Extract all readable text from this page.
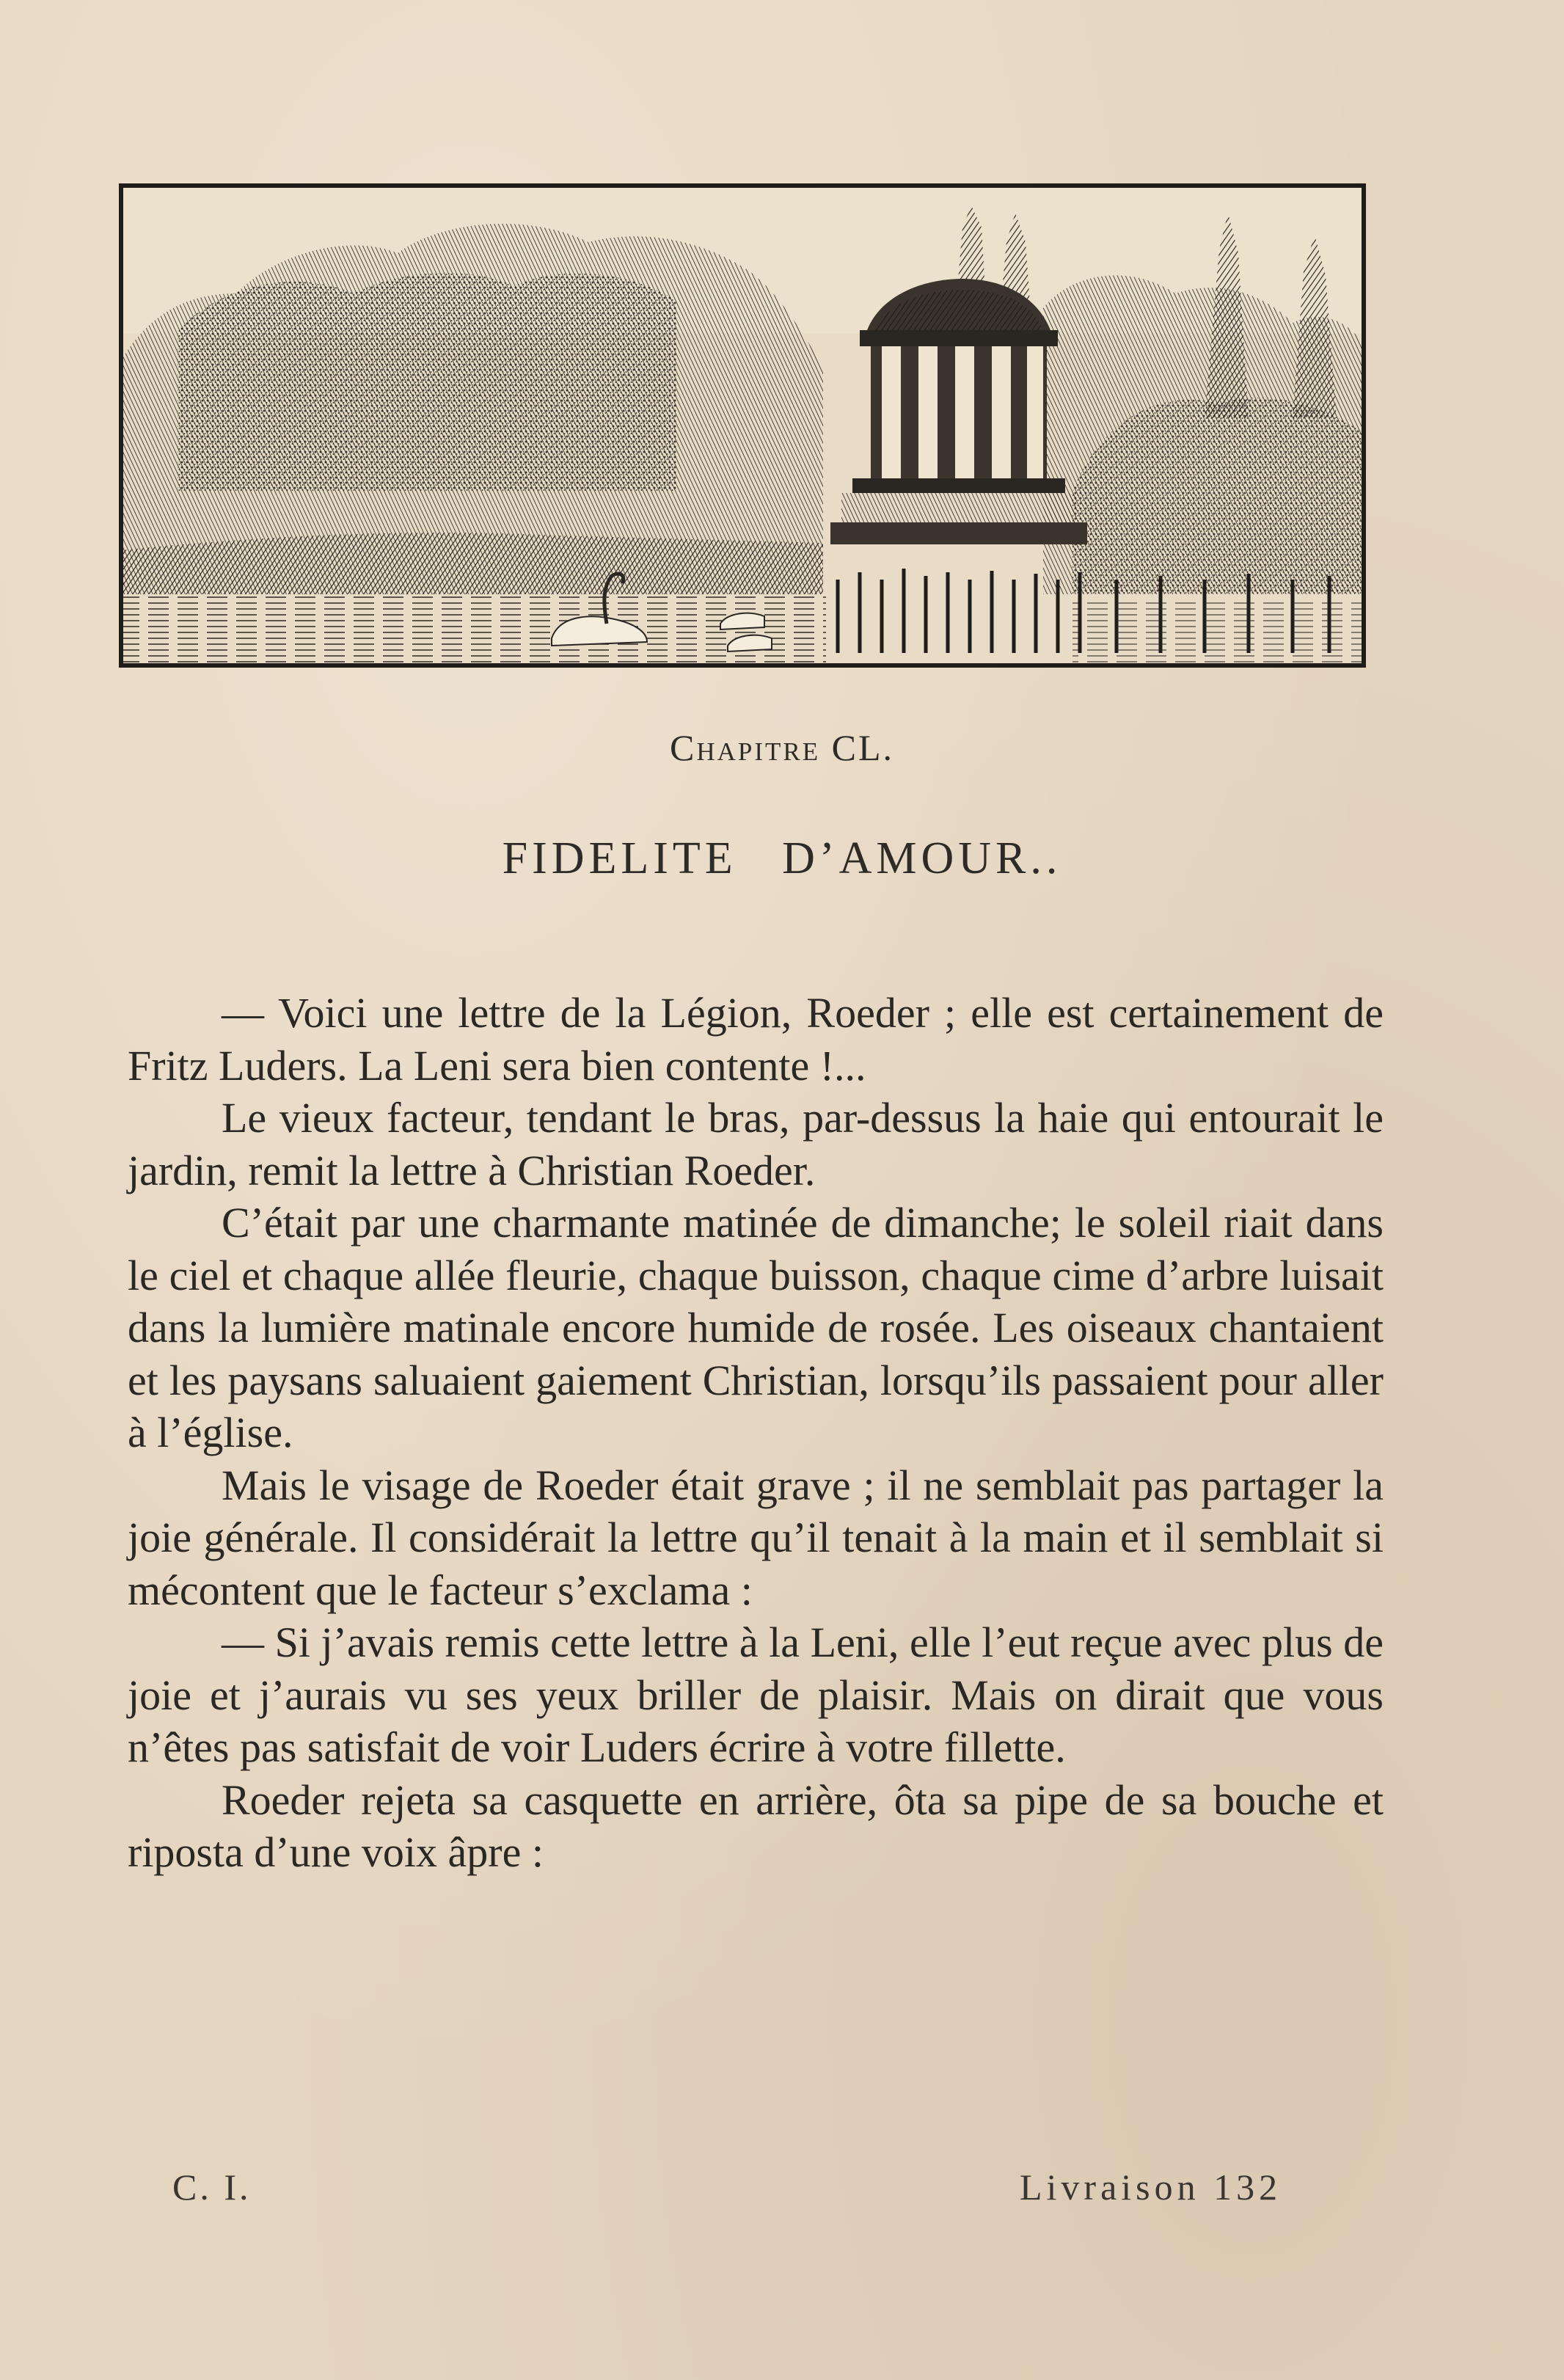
Chapitre CL.
FIDELITE D’AMOUR..

— Voici une lettre de la Légion, Roeder ; elle est certainement de Fritz Luders. La Leni sera bien contente !...

Le vieux facteur, tendant le bras, par-dessus la haie qui entourait le jardin, remit la lettre à Christian Roeder.

C’était par une charmante matinée de dimanche; le soleil riait dans le ciel et chaque allée fleurie, chaque buisson, chaque cime d’arbre luisait dans la lumière matinale encore humide de rosée. Les oiseaux chantaient et les paysans saluaient gaiement Christian, lorsqu’ils passaient pour aller à l’église.

Mais le visage de Roeder était grave ; il ne semblait pas partager la joie générale. Il considérait la lettre qu’il tenait à la main et il semblait si mécontent que le facteur s’exclama :

— Si j’avais remis cette lettre à la Leni, elle l’eut reçue avec plus de joie et j’aurais vu ses yeux briller de plaisir. Mais on dirait que vous n’êtes pas satisfait de voir Luders écrire à votre fillette.

Roeder rejeta sa casquette en arrière, ôta sa pipe de sa bouche et riposta d’une voix âpre :

C. I.	Livraison 132
